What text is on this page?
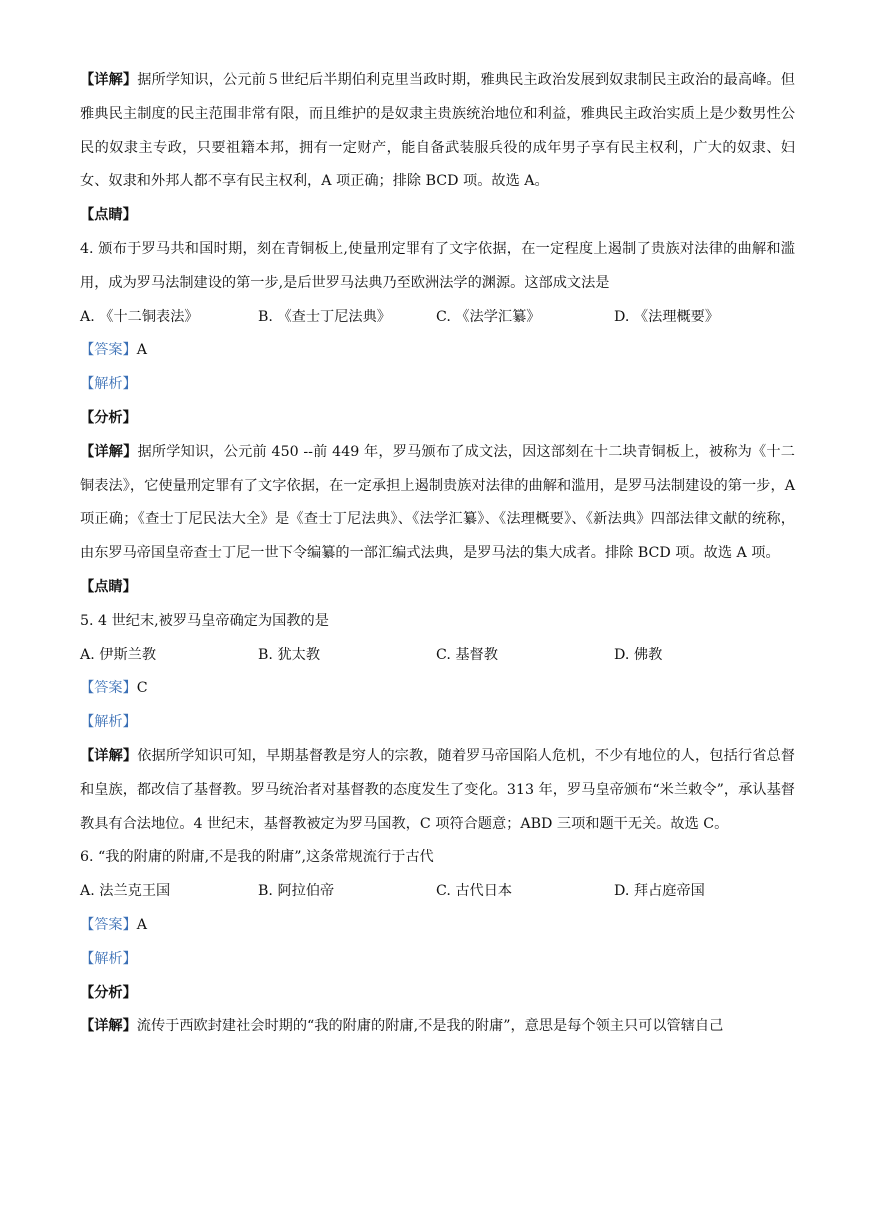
【详解】据所学知识，公元前５世纪后半期伯利克里当政时期，雅典民主政治发展到奴隶制民主政治的最高峰。但雅典民主制度的民主范围非常有限，而且维护的是奴隶主贵族统治地位和利益，雅典民主政治实质上是少数男性公民的奴隶主专政，只要祖籍本邦，拥有一定财产，能自备武装服兵役的成年男子享有民主权利，广大的奴隶、妇女、奴隶和外邦人都不享有民主权利，A 项正确；排除 BCD 项。故选 A。

【点睛】

4. 颁布于罗马共和国时期，刻在青铜板上,使量刑定罪有了文字依据，在一定程度上遏制了贵族对法律的曲解和滥用，成为罗马法制建设的第一步,是后世罗马法典乃至欧洲法学的渊源。这部成文法是

A. 《十二铜表法》	B. 《查士丁尼法典》	C. 《法学汇纂》	D. 《法理概要》

【答案】A

【解析】

【分析】

【详解】据所学知识，公元前 450 --前 449 年，罗马颁布了成文法，因这部刻在十二块青铜板上，被称为《十二铜表法》，它使量刑定罪有了文字依据，在一定承担上遏制贵族对法律的曲解和滥用，是罗马法制建设的第一步，A 项正确；《查士丁尼民法大全》是《查士丁尼法典》、《法学汇纂》、《法理概要》、《新法典》四部法律文献的统称，由东罗马帝国皇帝查士丁尼一世下令编纂的一部汇编式法典，是罗马法的集大成者。排除 BCD 项。故选 A 项。

【点睛】

5. 4 世纪末,被罗马皇帝确定为国教的是

A. 伊斯兰教	B. 犹太教	C. 基督教	D. 佛教

【答案】C

【解析】

【详解】依据所学知识可知，早期基督教是穷人的宗教，随着罗马帝国陷人危机，不少有地位的人，包括行省总督和皇族，都改信了基督教。罗马统治者对基督教的态度发生了变化。313 年，罗马皇帝颁布“米兰敕令”，承认基督教具有合法地位。4 世纪末，基督教被定为罗马国教，C 项符合题意；ABD 三项和题干无关。故选 C。

6. “我的附庸的附庸,不是我的附庸”,这条常规流行于古代

A. 法兰克王国	B. 阿拉伯帝	C. 古代日本	D. 拜占庭帝国

【答案】A

【解析】

【分析】

【详解】流传于西欧封建社会时期的“我的附庸的附庸,不是我的附庸”，意思是每个领主只可以管辖自己
